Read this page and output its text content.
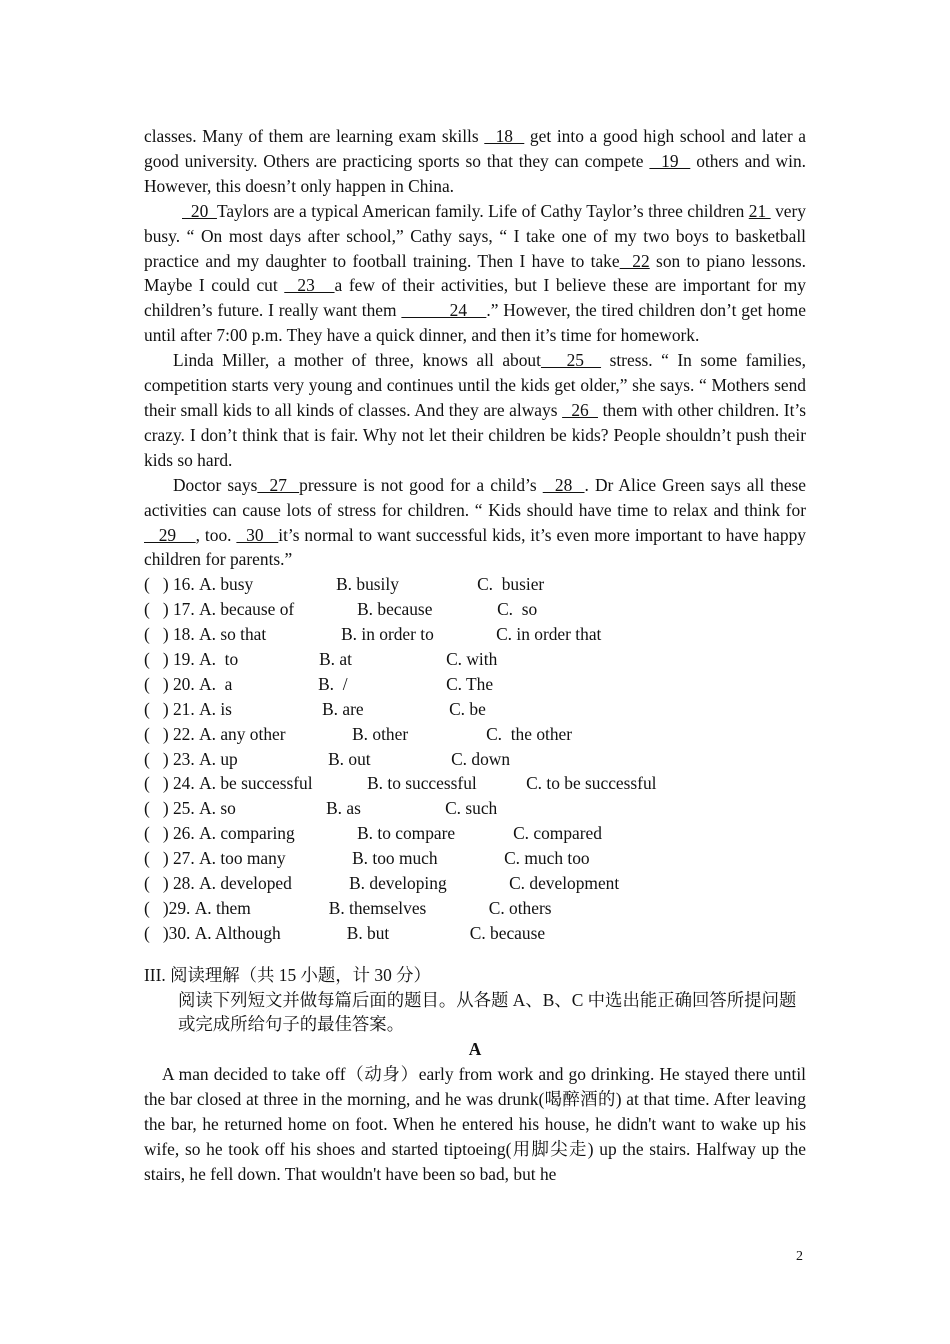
classes. Many of them are learning exam skills   18   get into a good high school and later a good university. Others are practicing sports so that they can compete   19   others and win. However, this doesn’t only happen in China.

20  Taylors are a typical American family. Life of Cathy Taylor’s three children 21  very busy. “ On most days after school,” Cathy says, “ I take one of my two boys to basketball practice and my daughter to football training. Then I have to take  22 son to piano lessons. Maybe I could cut   23   a few of their activities, but I believe these are important for my children’s future. I really want them           24    .” However, the tired children don’t get home until after 7:00 p.m. They have a quick dinner, and then it’s time for homework.

Linda Miller, a mother of three, knows all about   25   stress. “ In some families, competition starts very young and continues until the kids get older,” she says. “ Mothers send their small kids to all kinds of classes. And they are always   26   them with other children. It’s crazy. I don’t think that is fair. Why not let their children be kids? People shouldn’t push their kids so hard.

Doctor says  27  pressure is not good for a child’s   28  . Dr Alice Green says all these activities can cause lots of stress for children. “ Kids should have time to relax and think for   29    , too.   30   it’s normal to want successful kids, it’s even more important to have happy children for parents.”

(   ) 16. A. busy	B. busily	C.  busier
(   ) 17. A. because of	B. because	C.  so
(   ) 18. A. so that	B. in order to	C. in order that
(   ) 19. A.  to	B. at	C. with
(   ) 20. A.  a	B.  /	C. The
(   ) 21. A. is	B. are	C. be
(   ) 22. A. any other	B. other	C.  the other
(   ) 23. A. up	B. out	C. down
(   ) 24. A. be successful	B. to successful	C. to be successful
(   ) 25. A. so	B. as	C. such
(   ) 26. A. comparing	B. to compare	C. compared
(   ) 27. A. too many	B. too much	C. much too
(   ) 28. A. developed	B. developing	C. development
(   ) 29. A. them	B. themselves	C. others
(   ) 30. A. Although	B. but	C. because

III. 阅读理解（共 15 小题，计 30 分）

阅读下列短文并做每篇后面的题目。从各题 A、B、C 中选出能正确回答所提问题或完成所给句子的最佳答案。

A

A man decided to take off（动身）early from work and go drinking. He stayed there until the bar closed at three in the morning, and he was drunk(喝醉酒的) at that time. After leaving the bar, he returned home on foot. When he entered his house, he didn't want to wake up his wife, so he took off his shoes and started tiptoeing(用脚尖走) up the stairs. Halfway up the stairs, he fell down. That wouldn't have been so bad, but he

2
